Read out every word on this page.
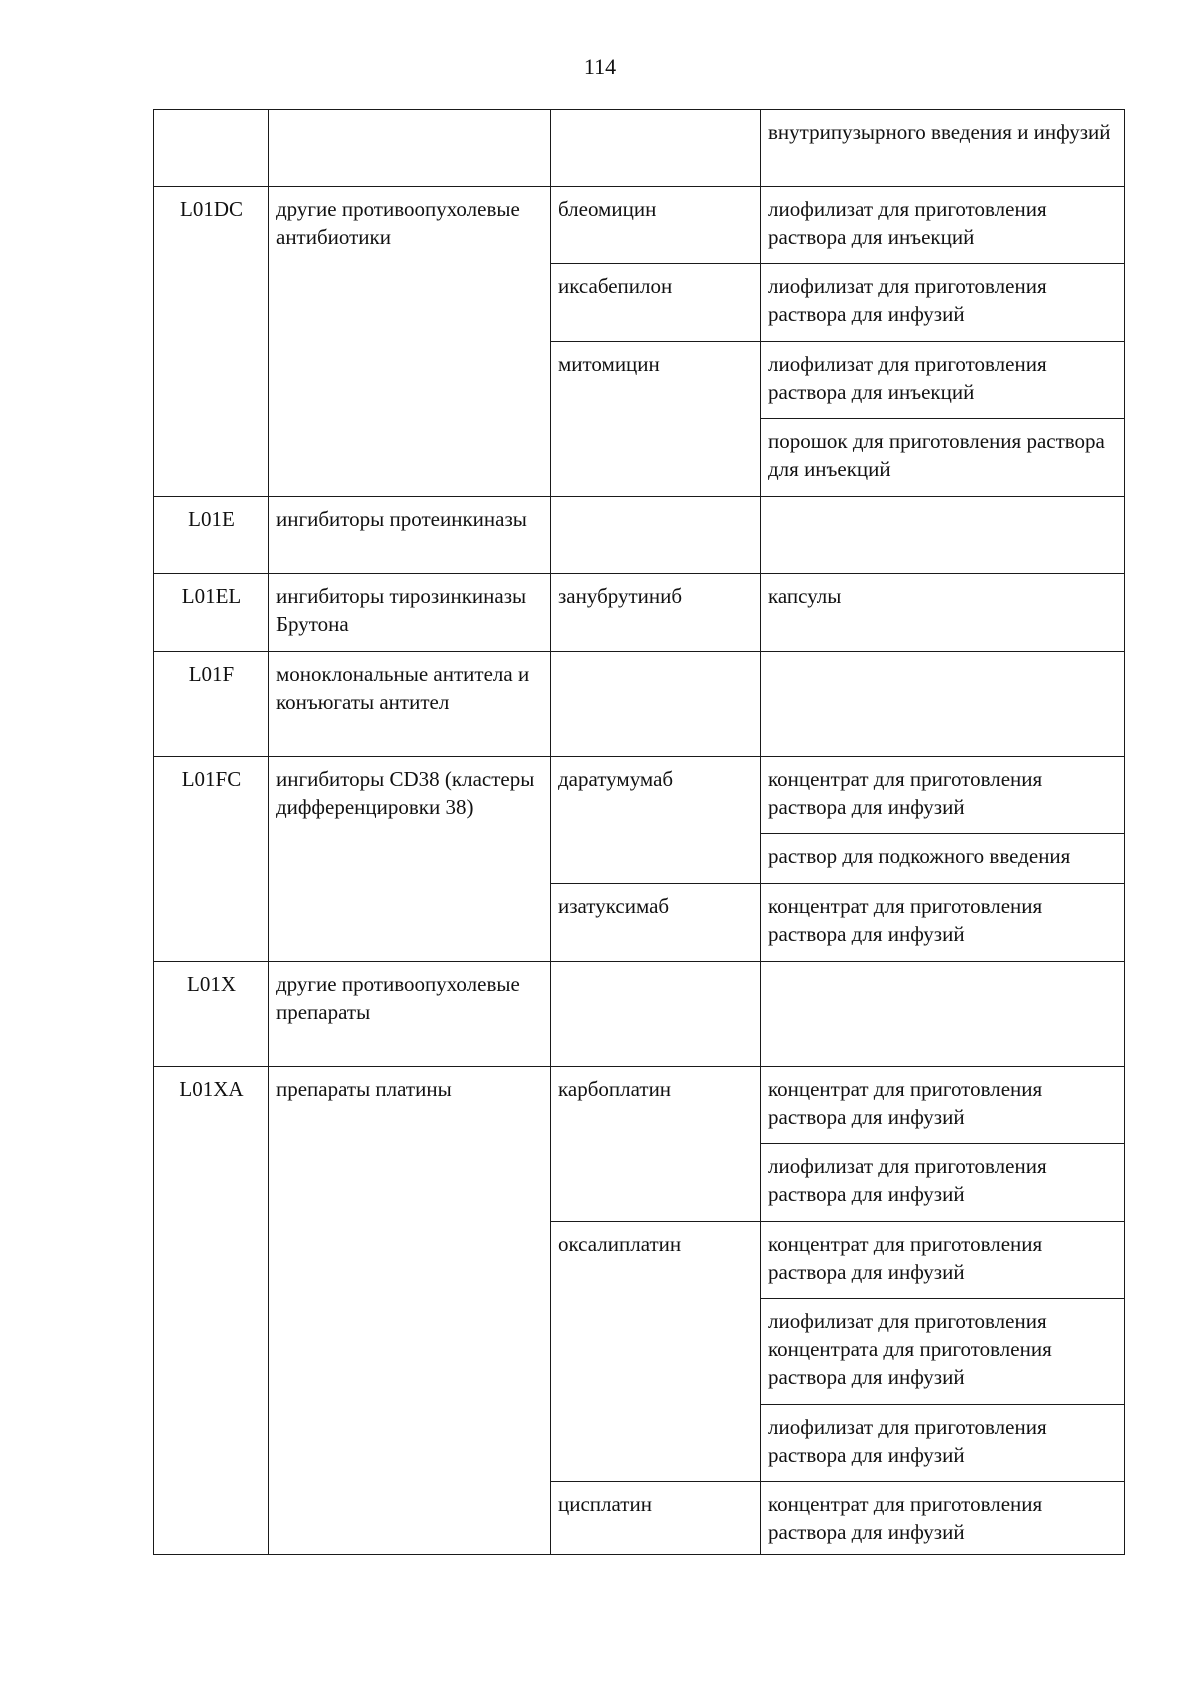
114
			внутрипузырного введения и инфузий
L01DC	другие противоопухолевые антибиотики	блеомицин	лиофилизат для приготовления раствора для инъекций
		иксабепилон	лиофилизат для приготовления раствора для инфузий
		митомицин	лиофилизат для приготовления раствора для инъекций
			порошок для приготовления раствора для инъекций
L01E	ингибиторы протеинкиназы		
L01EL	ингибиторы тирозинкиназы Брутона	занубрутиниб	капсулы
L01F	моноклональные антитела и конъюгаты антител		
L01FC	ингибиторы CD38 (кластеры дифференцировки 38)	даратумумаб	концентрат для приготовления раствора для инфузий
			раствор для подкожного введения
		изатуксимаб	концентрат для приготовления раствора для инфузий
L01X	другие противоопухолевые препараты		
L01XA	препараты платины	карбоплатин	концентрат для приготовления раствора для инфузий
			лиофилизат для приготовления раствора для инфузий
		оксалиплатин	концентрат для приготовления раствора для инфузий
			лиофилизат для приготовления концентрата для приготовления раствора для инфузий
			лиофилизат для приготовления раствора для инфузий
		цисплатин	концентрат для приготовления раствора для инфузий
